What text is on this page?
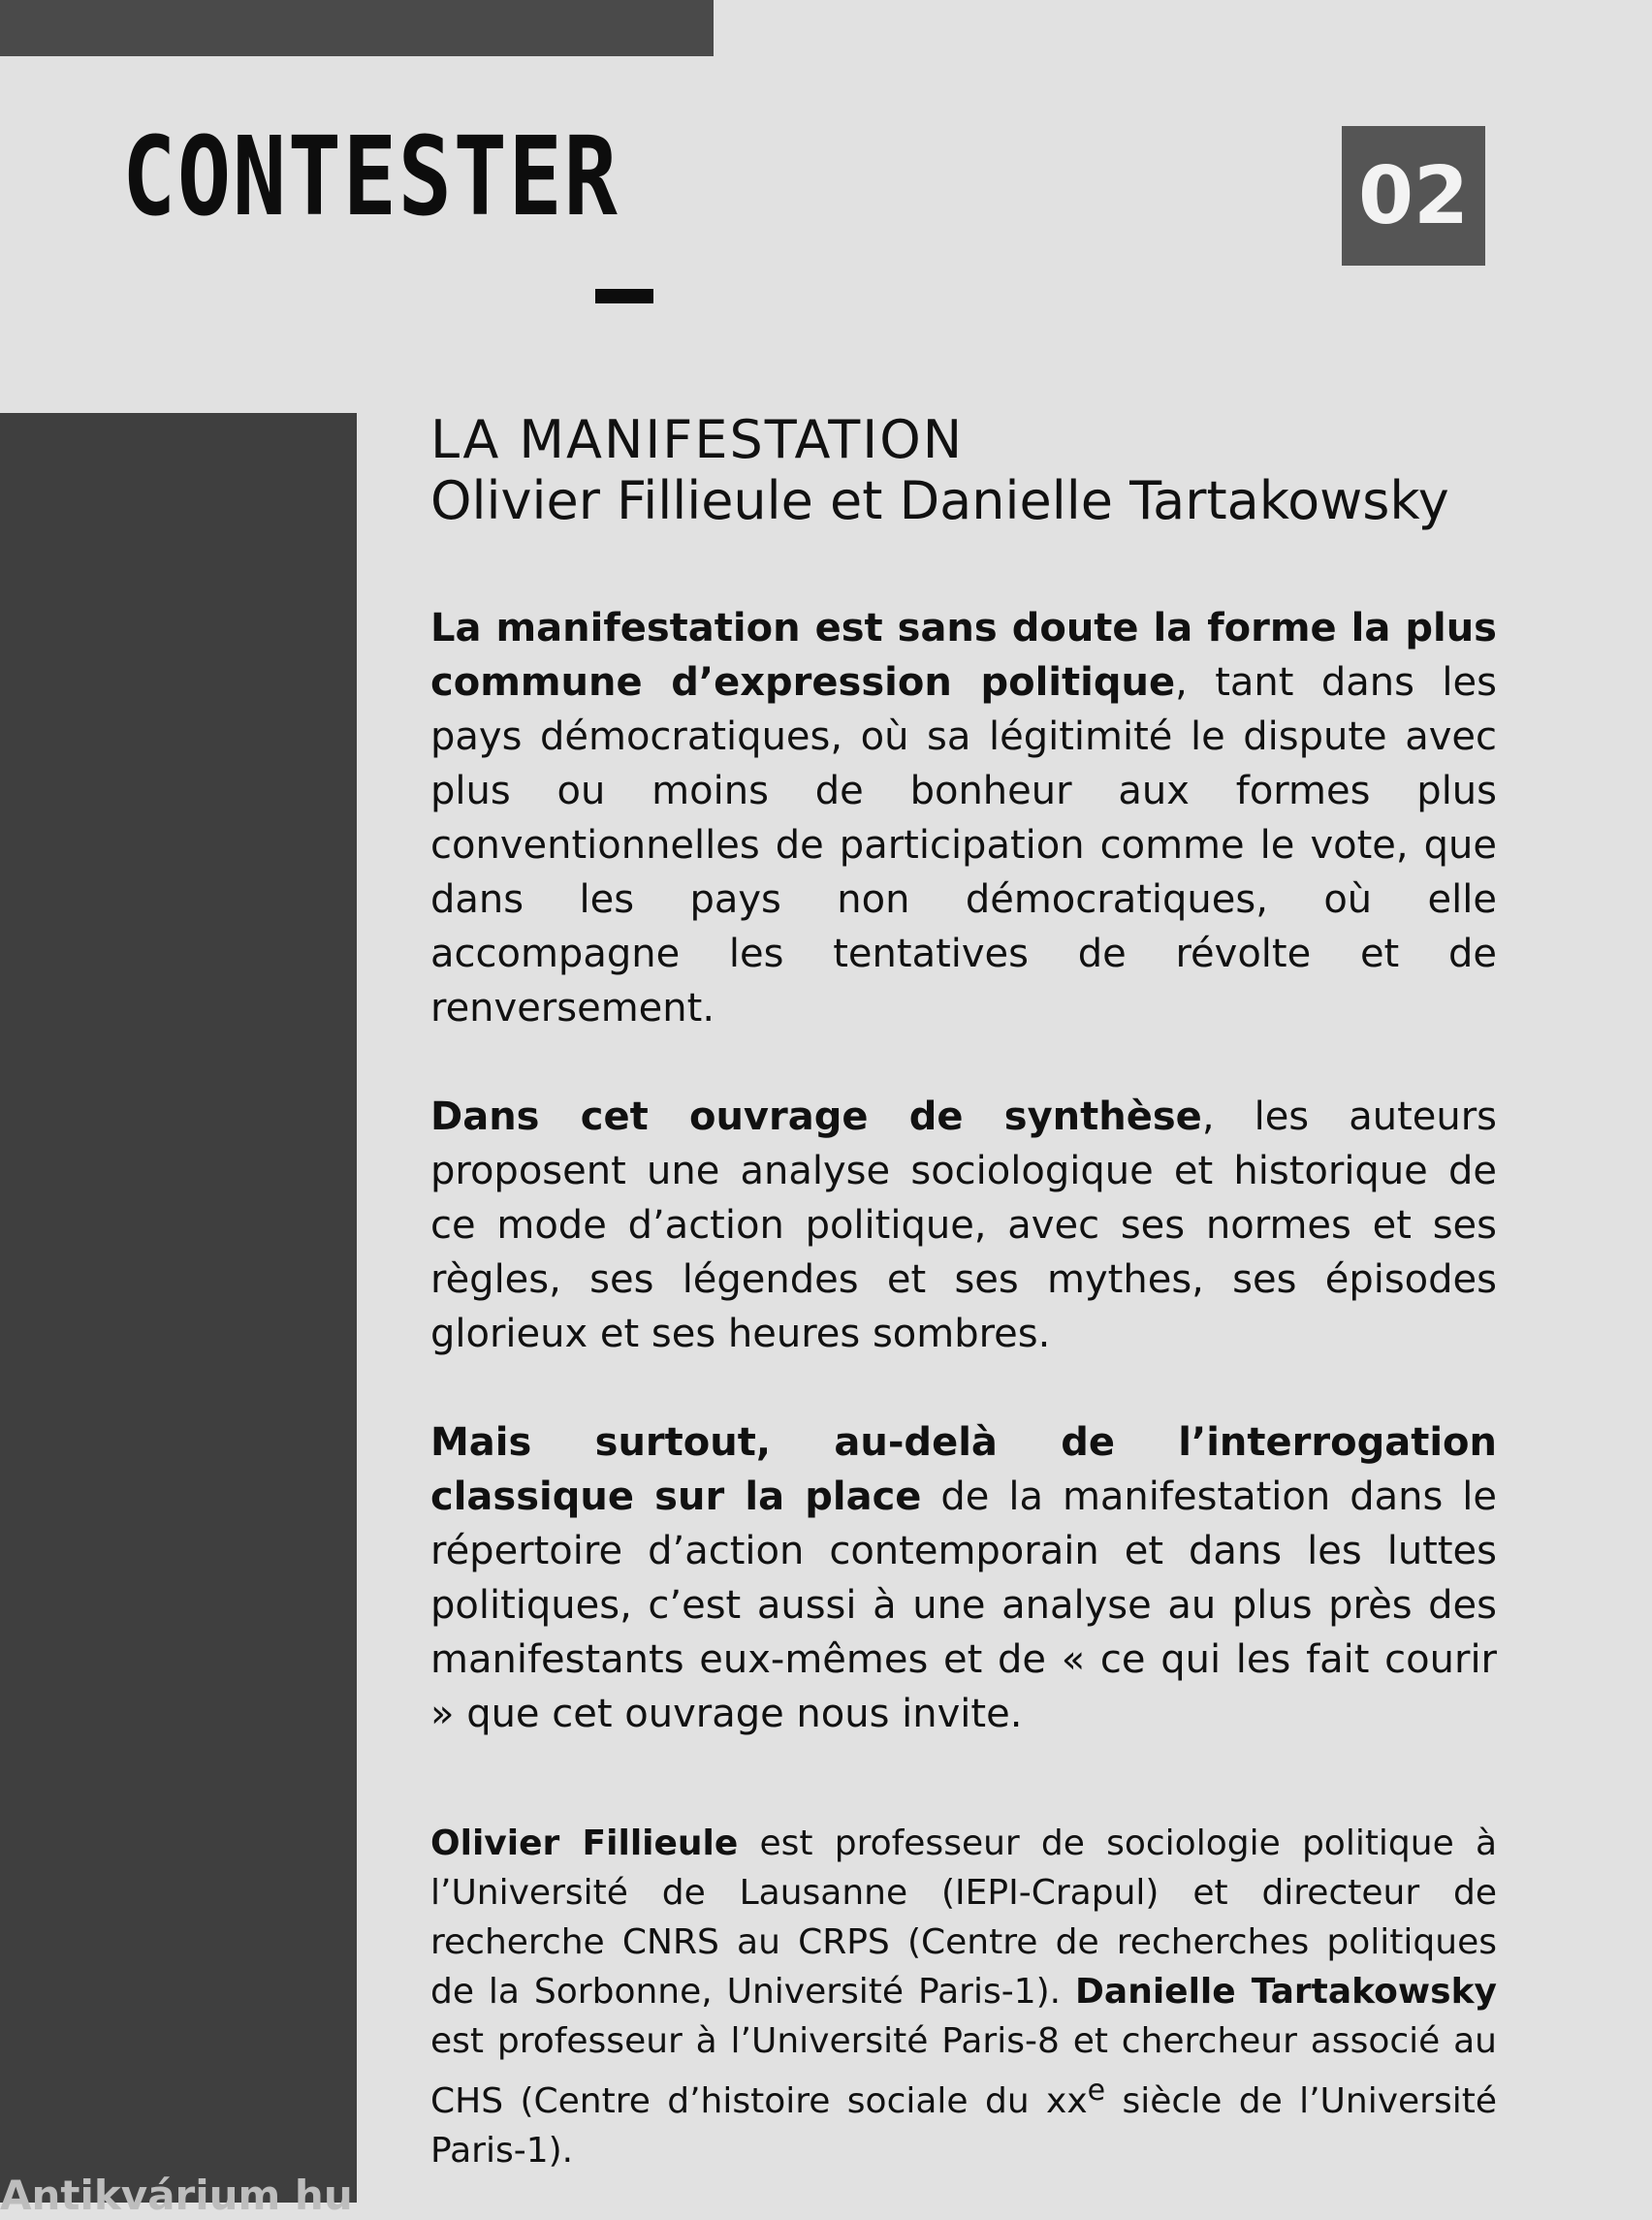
CONTESTER	02
LA MANIFESTATION
Olivier Fillieule et Danielle Tartakowsky

La manifestation est sans doute la forme la plus commune d’expression politique, tant dans les pays démocratiques, où sa légitimité le dispute avec plus ou moins de bonheur aux formes plus conventionnelles de participation comme le vote, que dans les pays non démocratiques, où elle accompagne les tentatives de révolte et de renversement.

Dans cet ouvrage de synthèse, les auteurs proposent une analyse sociologique et historique de ce mode d’action politique, avec ses normes et ses règles, ses légendes et ses mythes, ses épisodes glorieux et ses heures sombres.

Mais surtout, au-delà de l’interrogation classique sur la place de la manifestation dans le répertoire d’action contemporain et dans les luttes politiques, c’est aussi à une analyse au plus près des manifestants eux-mêmes et de « ce qui les fait courir » que cet ouvrage nous invite.

Olivier Fillieule est professeur de sociologie politique à l’Université de Lausanne (IEPI-Crapul) et directeur de recherche CNRS au CRPS (Centre de recherches politiques de la Sorbonne, Université Paris-1). Danielle Tartakowsky est professeur à l’Université Paris-8 et chercheur associé au CHS (Centre d’histoire sociale du $xx^e$ siècle de l’Université Paris-1).

Antikvárium hu
